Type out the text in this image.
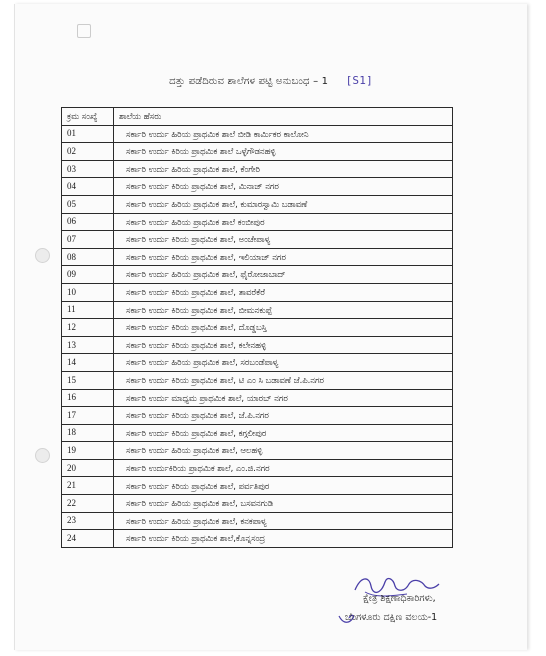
ದತ್ತು ಪಡೆದಿರುವ ಶಾಲೆಗಳ ಪಟ್ಟಿ ಅನುಬಂಧ – 1 [S1]
ಕ್ರಮ ಸಂಖ್ಯೆ	ಶಾಲೆಯ ಹೆಸರು
01	ಸರ್ಕಾರಿ ಉರ್ದು ಹಿರಿಯ ಪ್ರಾಥಮಿಕ ಶಾಲೆ ಬೀಡಿ ಕಾರ್ಮಿಕರ ಕಾಲೋನಿ
02	ಸರ್ಕಾರಿ ಉರ್ದು ಕಿರಿಯ ಪ್ರಾಥಮಿಕ ಶಾಲೆ ಒಳ್ಳೆಗೌಡನಹಳ್ಳಿ
03	ಸರ್ಕಾರಿ ಉರ್ದು ಹಿರಿಯ ಪ್ರಾಥಮಿಕ ಶಾಲೆ, ಕೆಂಗೇರಿ
04	ಸರ್ಕಾರಿ ಉರ್ದು ಕಿರಿಯ ಪ್ರಾಥಮಿಕ ಶಾಲೆ, ಮಿನಾಜ್ ನಗರ
05	ಸರ್ಕಾರಿ ಉರ್ದು ಹಿರಿಯ ಪ್ರಾಥಮಿಕ ಶಾಲೆ, ಕುಮಾರಸ್ವಾಮಿ ಬಡಾವಣೆ
06	ಸರ್ಕಾರಿ ಉರ್ದು ಹಿರಿಯ ಪ್ರಾಥಮಿಕ ಶಾಲೆ ಕಂಬೀಪುರ
07	ಸರ್ಕಾರಿ ಉರ್ದು ಕಿರಿಯ ಪ್ರಾಥಮಿಕ ಶಾಲೆ, ಅಂಚೇಪಾಳ್ಯ
08	ಸರ್ಕಾರಿ ಉರ್ದು ಕಿರಿಯ ಪ್ರಾಥಮಿಕ ಶಾಲೆ, ಇಲಿಯಾಜ್ ನಗರ
09	ಸರ್ಕಾರಿ ಉರ್ದು ಹಿರಿಯ ಪ್ರಾಥಮಿಕ ಶಾಲೆ, ಫೈರೋಜಾಬಾದ್
10	ಸರ್ಕಾರಿ ಉರ್ದು ಕಿರಿಯ ಪ್ರಾಥಮಿಕ ಶಾಲೆ, ತಾವರೆಕೆರೆ
11	ಸರ್ಕಾರಿ ಉರ್ದು ಕಿರಿಯ ಪ್ರಾಥಮಿಕ ಶಾಲೆ, ಬೀಮನಕುಪ್ಪೆ
12	ಸರ್ಕಾರಿ ಉರ್ದು ಕಿರಿಯ ಪ್ರಾಥಮಿಕ ಶಾಲೆ, ದೊಡ್ಡಬಸ್ತಿ
13	ಸರ್ಕಾರಿ ಉರ್ದು ಕಿರಿಯ ಪ್ರಾಥಮಿಕ ಶಾಲೆ, ಕಲೇನಹಳ್ಳಿ
14	ಸರ್ಕಾರಿ ಉರ್ದು ಹಿರಿಯ ಪ್ರಾಥಮಿಕ ಶಾಲೆ, ಸರಬಂಡೆಪಾಳ್ಯ
15	ಸರ್ಕಾರಿ ಉರ್ದು ಕಿರಿಯ ಪ್ರಾಥಮಿಕ ಶಾಲೆ, ಟಿ ಎಂ ಸಿ ಬಡಾವಣೆ ಜೆ.ಪಿ.ನಗರ
16	ಸರ್ಕಾರಿ ಉರ್ದು ಮಾಧ್ಯಮ ಪ್ರಾಥಮಿಕ ಶಾಲೆ, ಯಾರಬ್ ನಗರ
17	ಸರ್ಕಾರಿ ಉರ್ದು ಕಿರಿಯ ಪ್ರಾಥಮಿಕ ಶಾಲೆ, ಜೆ.ಪಿ.ನಗರ
18	ಸರ್ಕಾರಿ ಉರ್ದು ಕಿರಿಯ ಪ್ರಾಥಮಿಕ ಶಾಲೆ, ಕಗ್ಗಲೀಪುರ
19	ಸರ್ಕಾರಿ ಉರ್ದು ಹಿರಿಯ ಪ್ರಾಥಮಿಕ ಶಾಲೆ, ಆಲಹಳ್ಳಿ
20	ಸರ್ಕಾರಿ ಉರ್ದುಕಿರಿಯ ಪ್ರಾಥಮಿಕ ಶಾಲೆ, ಎಂ.ಜಿ.ನಗರ
21	ಸರ್ಕಾರಿ ಉರ್ದು ಕಿರಿಯ ಪ್ರಾಥಮಿಕ ಶಾಲೆ, ಪರ್ವತಿಪುರ
22	ಸರ್ಕಾರಿ ಉರ್ದು ಹಿರಿಯ ಪ್ರಾಥಮಿಕ ಶಾಲೆ, ಬಸವನಗುಡಿ
23	ಸರ್ಕಾರಿ ಉರ್ದು ಹಿರಿಯ ಪ್ರಾಥಮಿಕ ಶಾಲೆ, ಕನಕಪಾಳ್ಯ
24	ಸರ್ಕಾರಿ ಉರ್ದು ಕಿರಿಯ ಪ್ರಾಥಮಿಕ ಶಾಲೆ,ಕೊನ್ನಸಂದ್ರ
ಕ್ಷೇತ್ರ ಶಿಕ್ಷಣಾಧಿಕಾರಿಗಳು,
ಬೆಂಗಳೂರು ದಕ್ಷಿಣ ವಲಯ-1
